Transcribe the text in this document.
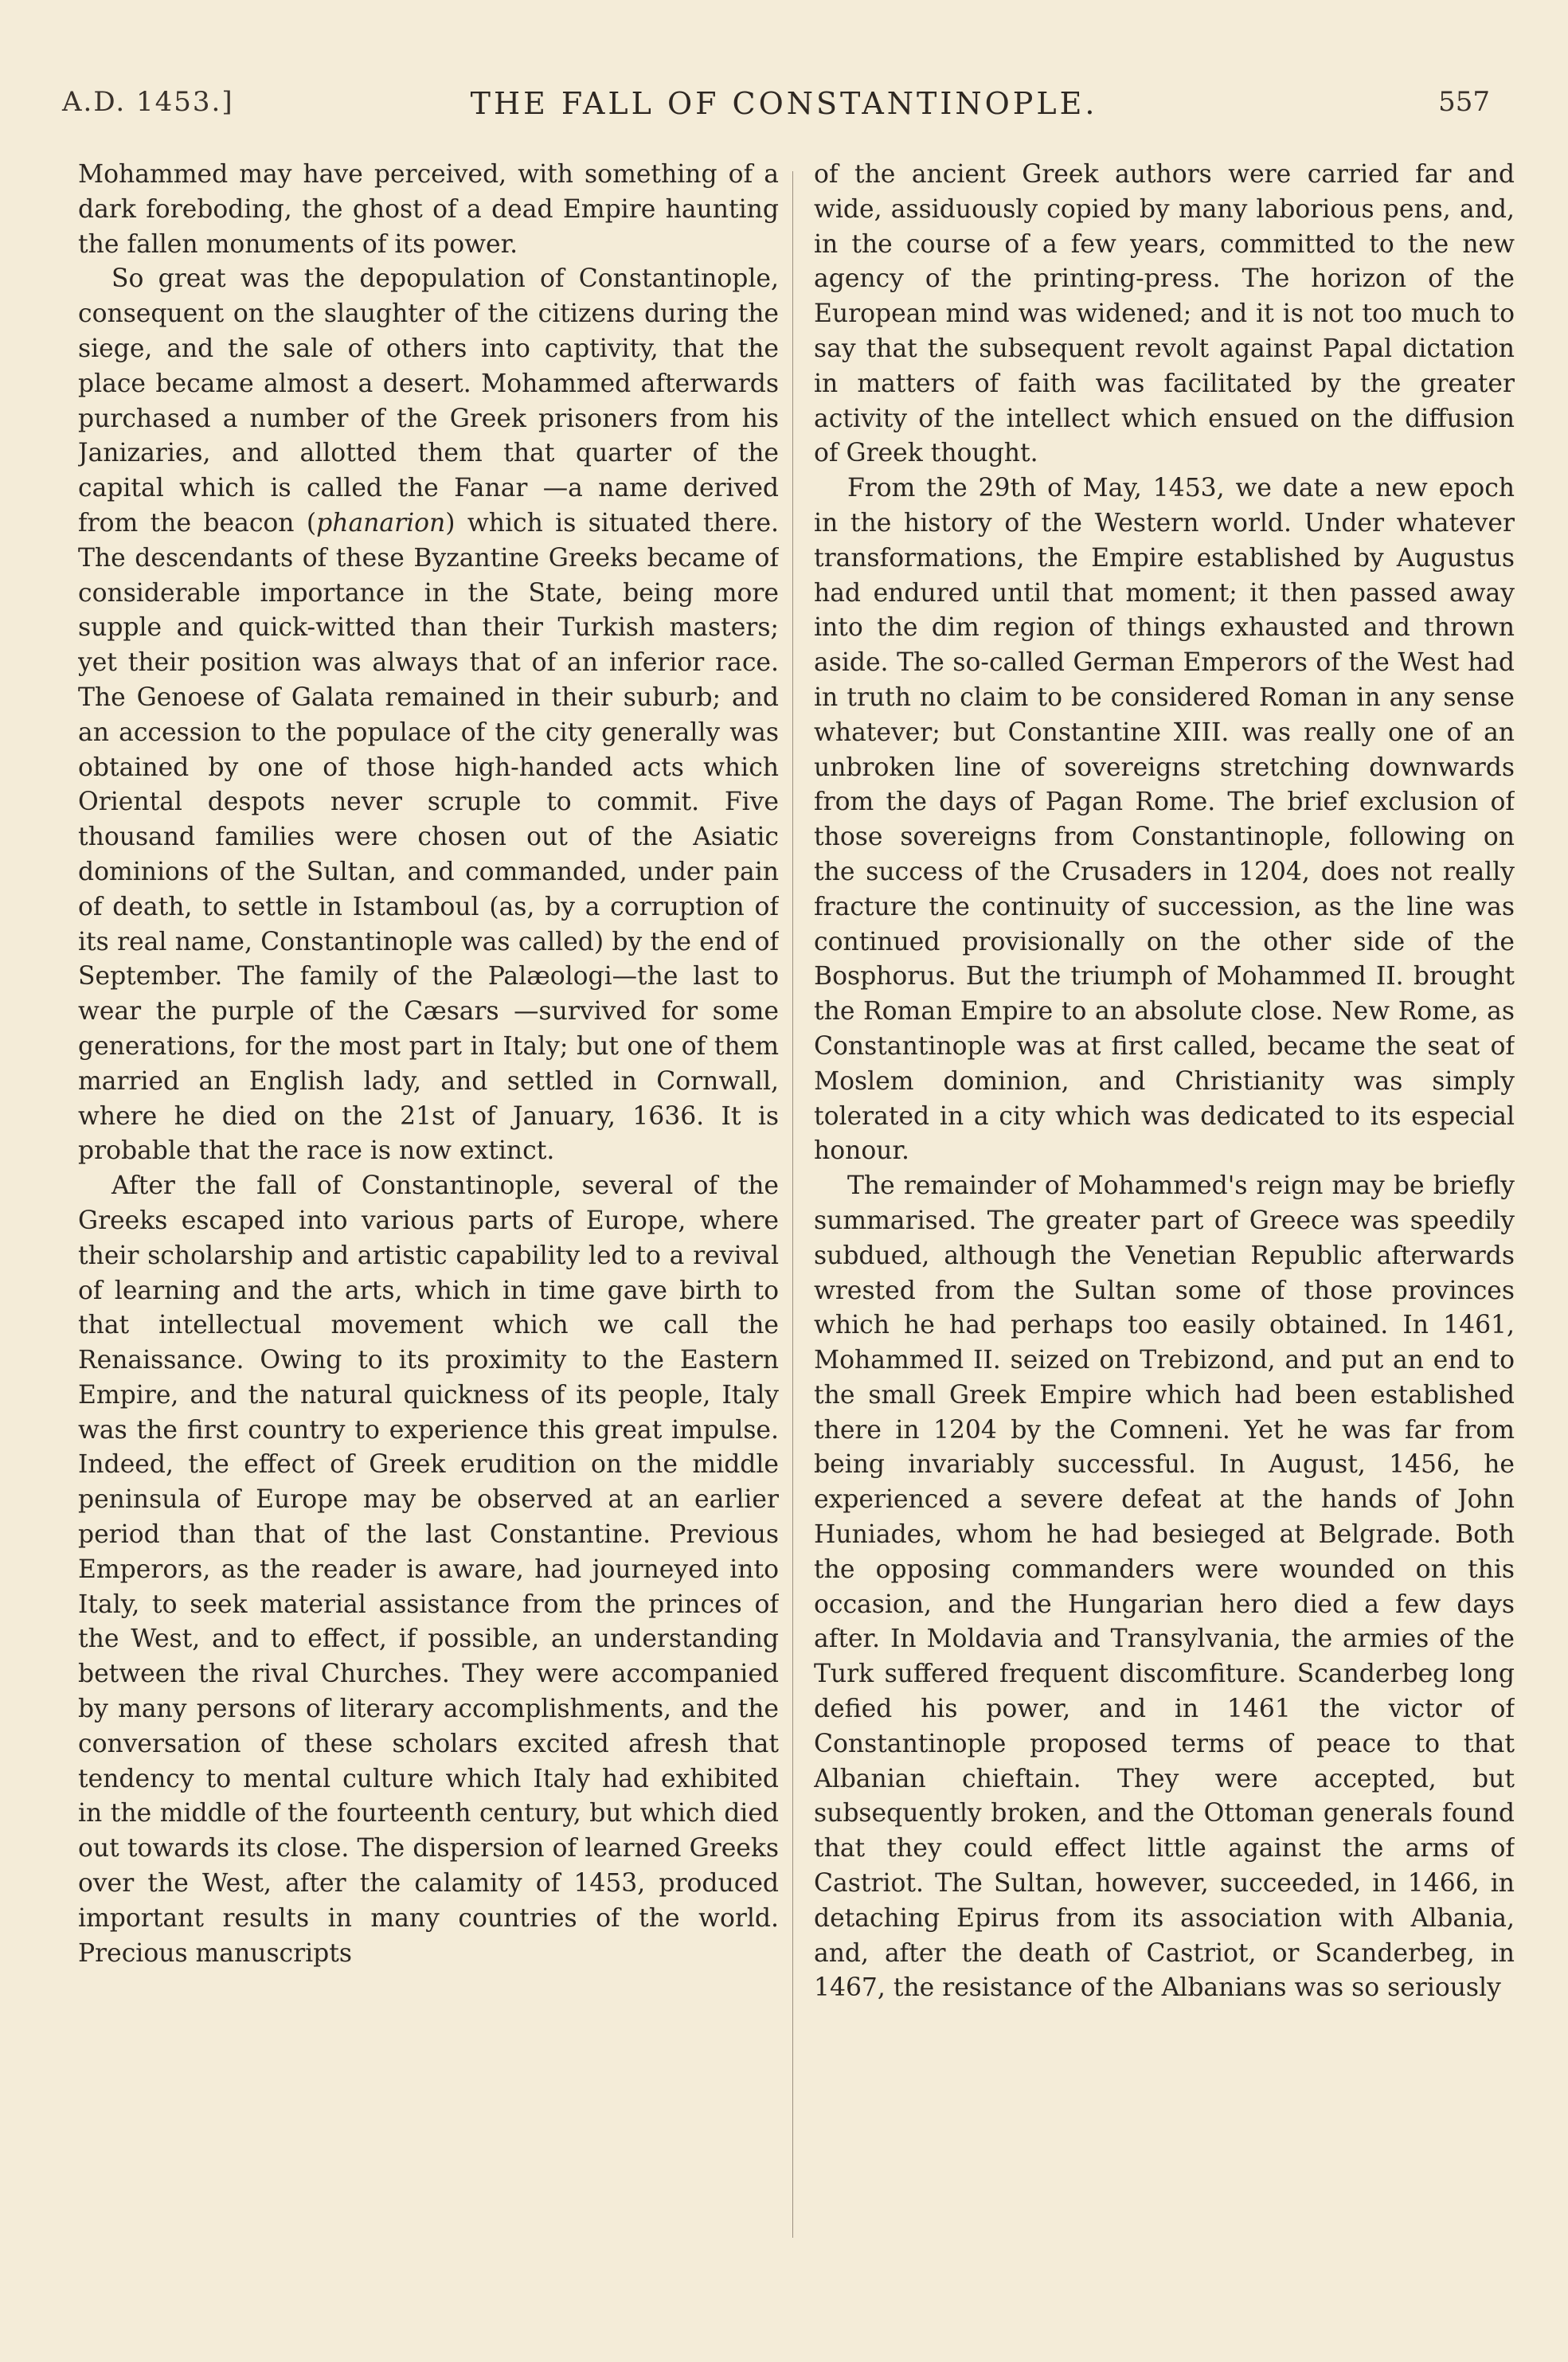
A.D. 1453.]	THE FALL OF CONSTANTINOPLE.	557

Mohammed may have perceived, with something of a dark foreboding, the ghost of a dead Empire haunting the fallen monuments of its power.

So great was the depopulation of Constantinople, consequent on the slaughter of the citizens during the siege, and the sale of others into captivity, that the place became almost a desert. Mohammed afterwards purchased a number of the Greek prisoners from his Janizaries, and allotted them that quarter of the capital which is called the Fanar —a name derived from the beacon (phanarion) which is situated there. The descendants of these Byzantine Greeks became of considerable importance in the State, being more supple and quick-witted than their Turkish masters; yet their position was always that of an inferior race. The Genoese of Galata remained in their suburb; and an accession to the populace of the city generally was obtained by one of those high-handed acts which Oriental despots never scruple to commit. Five thousand families were chosen out of the Asiatic dominions of the Sultan, and commanded, under pain of death, to settle in Istamboul (as, by a corruption of its real name, Constantinople was called) by the end of September. The family of the Palæologi—the last to wear the purple of the Cæsars —survived for some generations, for the most part in Italy; but one of them married an English lady, and settled in Cornwall, where he died on the 21st of January, 1636. It is probable that the race is now extinct.

After the fall of Constantinople, several of the Greeks escaped into various parts of Europe, where their scholarship and artistic capability led to a revival of learning and the arts, which in time gave birth to that intellectual movement which we call the Renaissance. Owing to its proximity to the Eastern Empire, and the natural quickness of its people, Italy was the first country to experience this great impulse. Indeed, the effect of Greek erudition on the middle peninsula of Europe may be observed at an earlier period than that of the last Constantine. Previous Emperors, as the reader is aware, had journeyed into Italy, to seek material assistance from the princes of the West, and to effect, if possible, an understanding between the rival Churches. They were accompanied by many persons of literary accomplishments, and the conversation of these scholars excited afresh that tendency to mental culture which Italy had exhibited in the middle of the fourteenth century, but which died out towards its close. The dispersion of learned Greeks over the West, after the calamity of 1453, produced important results in many countries of the world. Precious manuscripts

of the ancient Greek authors were carried far and wide, assiduously copied by many laborious pens, and, in the course of a few years, committed to the new agency of the printing-press. The horizon of the European mind was widened; and it is not too much to say that the subsequent revolt against Papal dictation in matters of faith was facilitated by the greater activity of the intellect which ensued on the diffusion of Greek thought.

From the 29th of May, 1453, we date a new epoch in the history of the Western world. Under whatever transformations, the Empire established by Augustus had endured until that moment; it then passed away into the dim region of things exhausted and thrown aside. The so-called German Emperors of the West had in truth no claim to be considered Roman in any sense whatever; but Constantine XIII. was really one of an unbroken line of sovereigns stretching downwards from the days of Pagan Rome. The brief exclusion of those sovereigns from Constantinople, following on the success of the Crusaders in 1204, does not really fracture the continuity of succession, as the line was continued provisionally on the other side of the Bosphorus. But the triumph of Mohammed II. brought the Roman Empire to an absolute close. New Rome, as Constantinople was at first called, became the seat of Moslem dominion, and Christianity was simply tolerated in a city which was dedicated to its especial honour.

The remainder of Mohammed's reign may be briefly summarised. The greater part of Greece was speedily subdued, although the Venetian Republic afterwards wrested from the Sultan some of those provinces which he had perhaps too easily obtained. In 1461, Mohammed II. seized on Trebizond, and put an end to the small Greek Empire which had been established there in 1204 by the Comneni. Yet he was far from being invariably successful. In August, 1456, he experienced a severe defeat at the hands of John Huniades, whom he had besieged at Belgrade. Both the opposing commanders were wounded on this occasion, and the Hungarian hero died a few days after. In Moldavia and Transylvania, the armies of the Turk suffered frequent discomfiture. Scanderbeg long defied his power, and in 1461 the victor of Constantinople proposed terms of peace to that Albanian chieftain. They were accepted, but subsequently broken, and the Ottoman generals found that they could effect little against the arms of Castriot. The Sultan, however, succeeded, in 1466, in detaching Epirus from its association with Albania, and, after the death of Castriot, or Scanderbeg, in 1467, the resistance of the Albanians was so seriously
